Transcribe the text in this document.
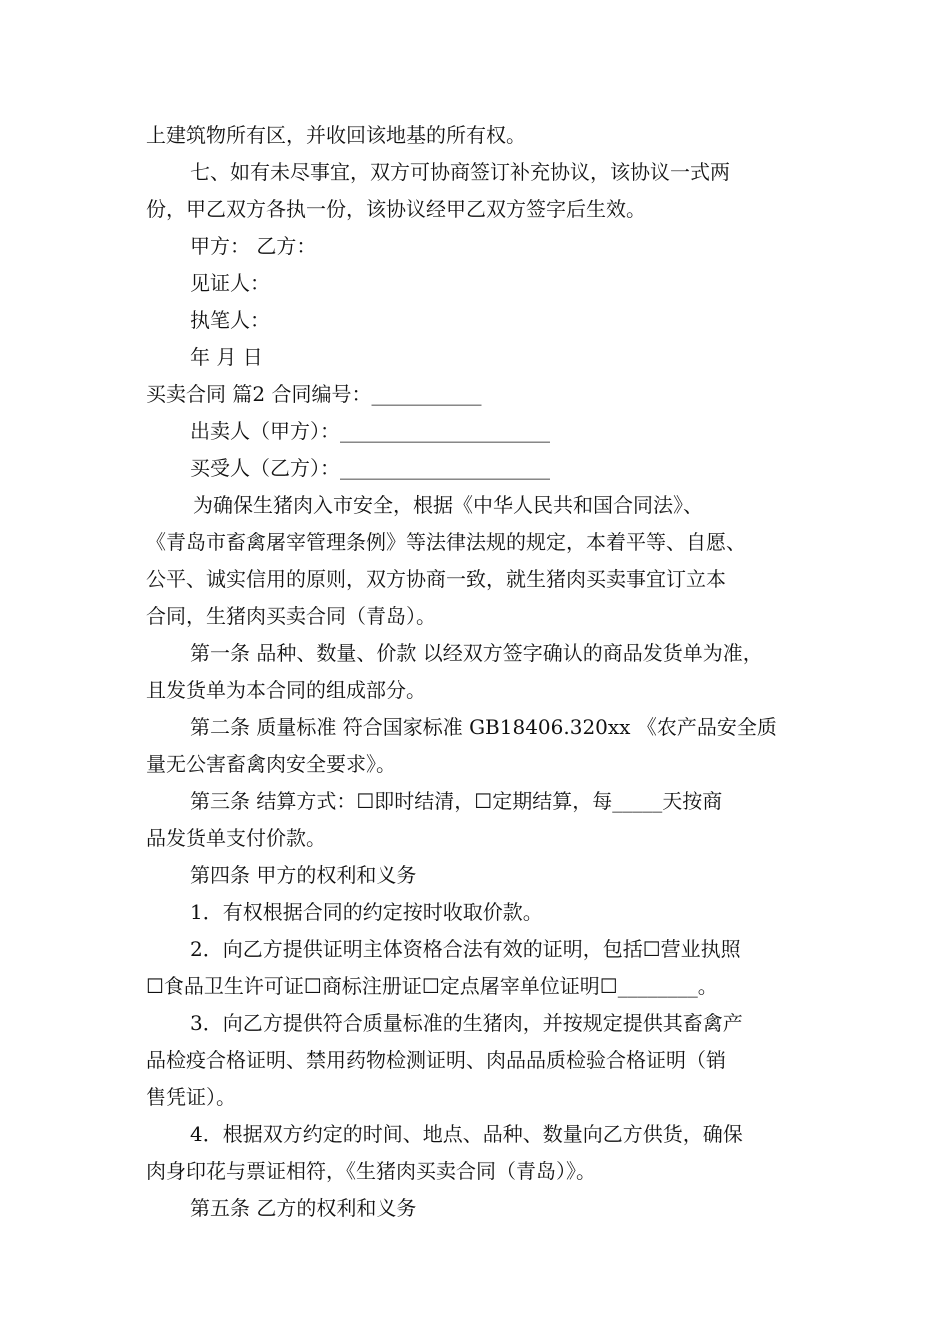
上建筑物所有区，并收回该地基的所有权。
七、如有未尽事宜，双方可协商签订补充协议，该协议一式两
份，甲乙双方各执一份，该协议经甲乙双方签字后生效。
甲方： 乙方：
见证人：
执笔人：
年 月 日
买卖合同 篇2 合同编号：___________
出卖人（甲方）：_____________________
买受人（乙方）：_____________________
为确保生猪肉入市安全，根据《中华人民共和国合同法》、
《青岛市畜禽屠宰管理条例》等法律法规的规定，本着平等、自愿、
公平、诚实信用的原则，双方协商一致，就生猪肉买卖事宜订立本
合同，生猪肉买卖合同（青岛）。
第一条 品种、数量、价款 以经双方签字确认的商品发货单为准，
且发货单为本合同的组成部分。
第二条 质量标准 符合国家标准 GB18406.320xx 《农产品安全质
量无公害畜禽肉安全要求》。
第三条 结算方式：☐即时结清，☐定期结算，每_____天按商
品发货单支付价款。
第四条 甲方的权利和义务
1．有权根据合同的约定按时收取价款。
2．向乙方提供证明主体资格合法有效的证明，包括☐营业执照
☐食品卫生许可证☐商标注册证☐定点屠宰单位证明☐________。
3．向乙方提供符合质量标准的生猪肉，并按规定提供其畜禽产
品检疫合格证明、禁用药物检测证明、肉品品质检验合格证明（销
售凭证）。
4．根据双方约定的时间、地点、品种、数量向乙方供货，确保
肉身印花与票证相符，《生猪肉买卖合同（青岛）》。
第五条 乙方的权利和义务
